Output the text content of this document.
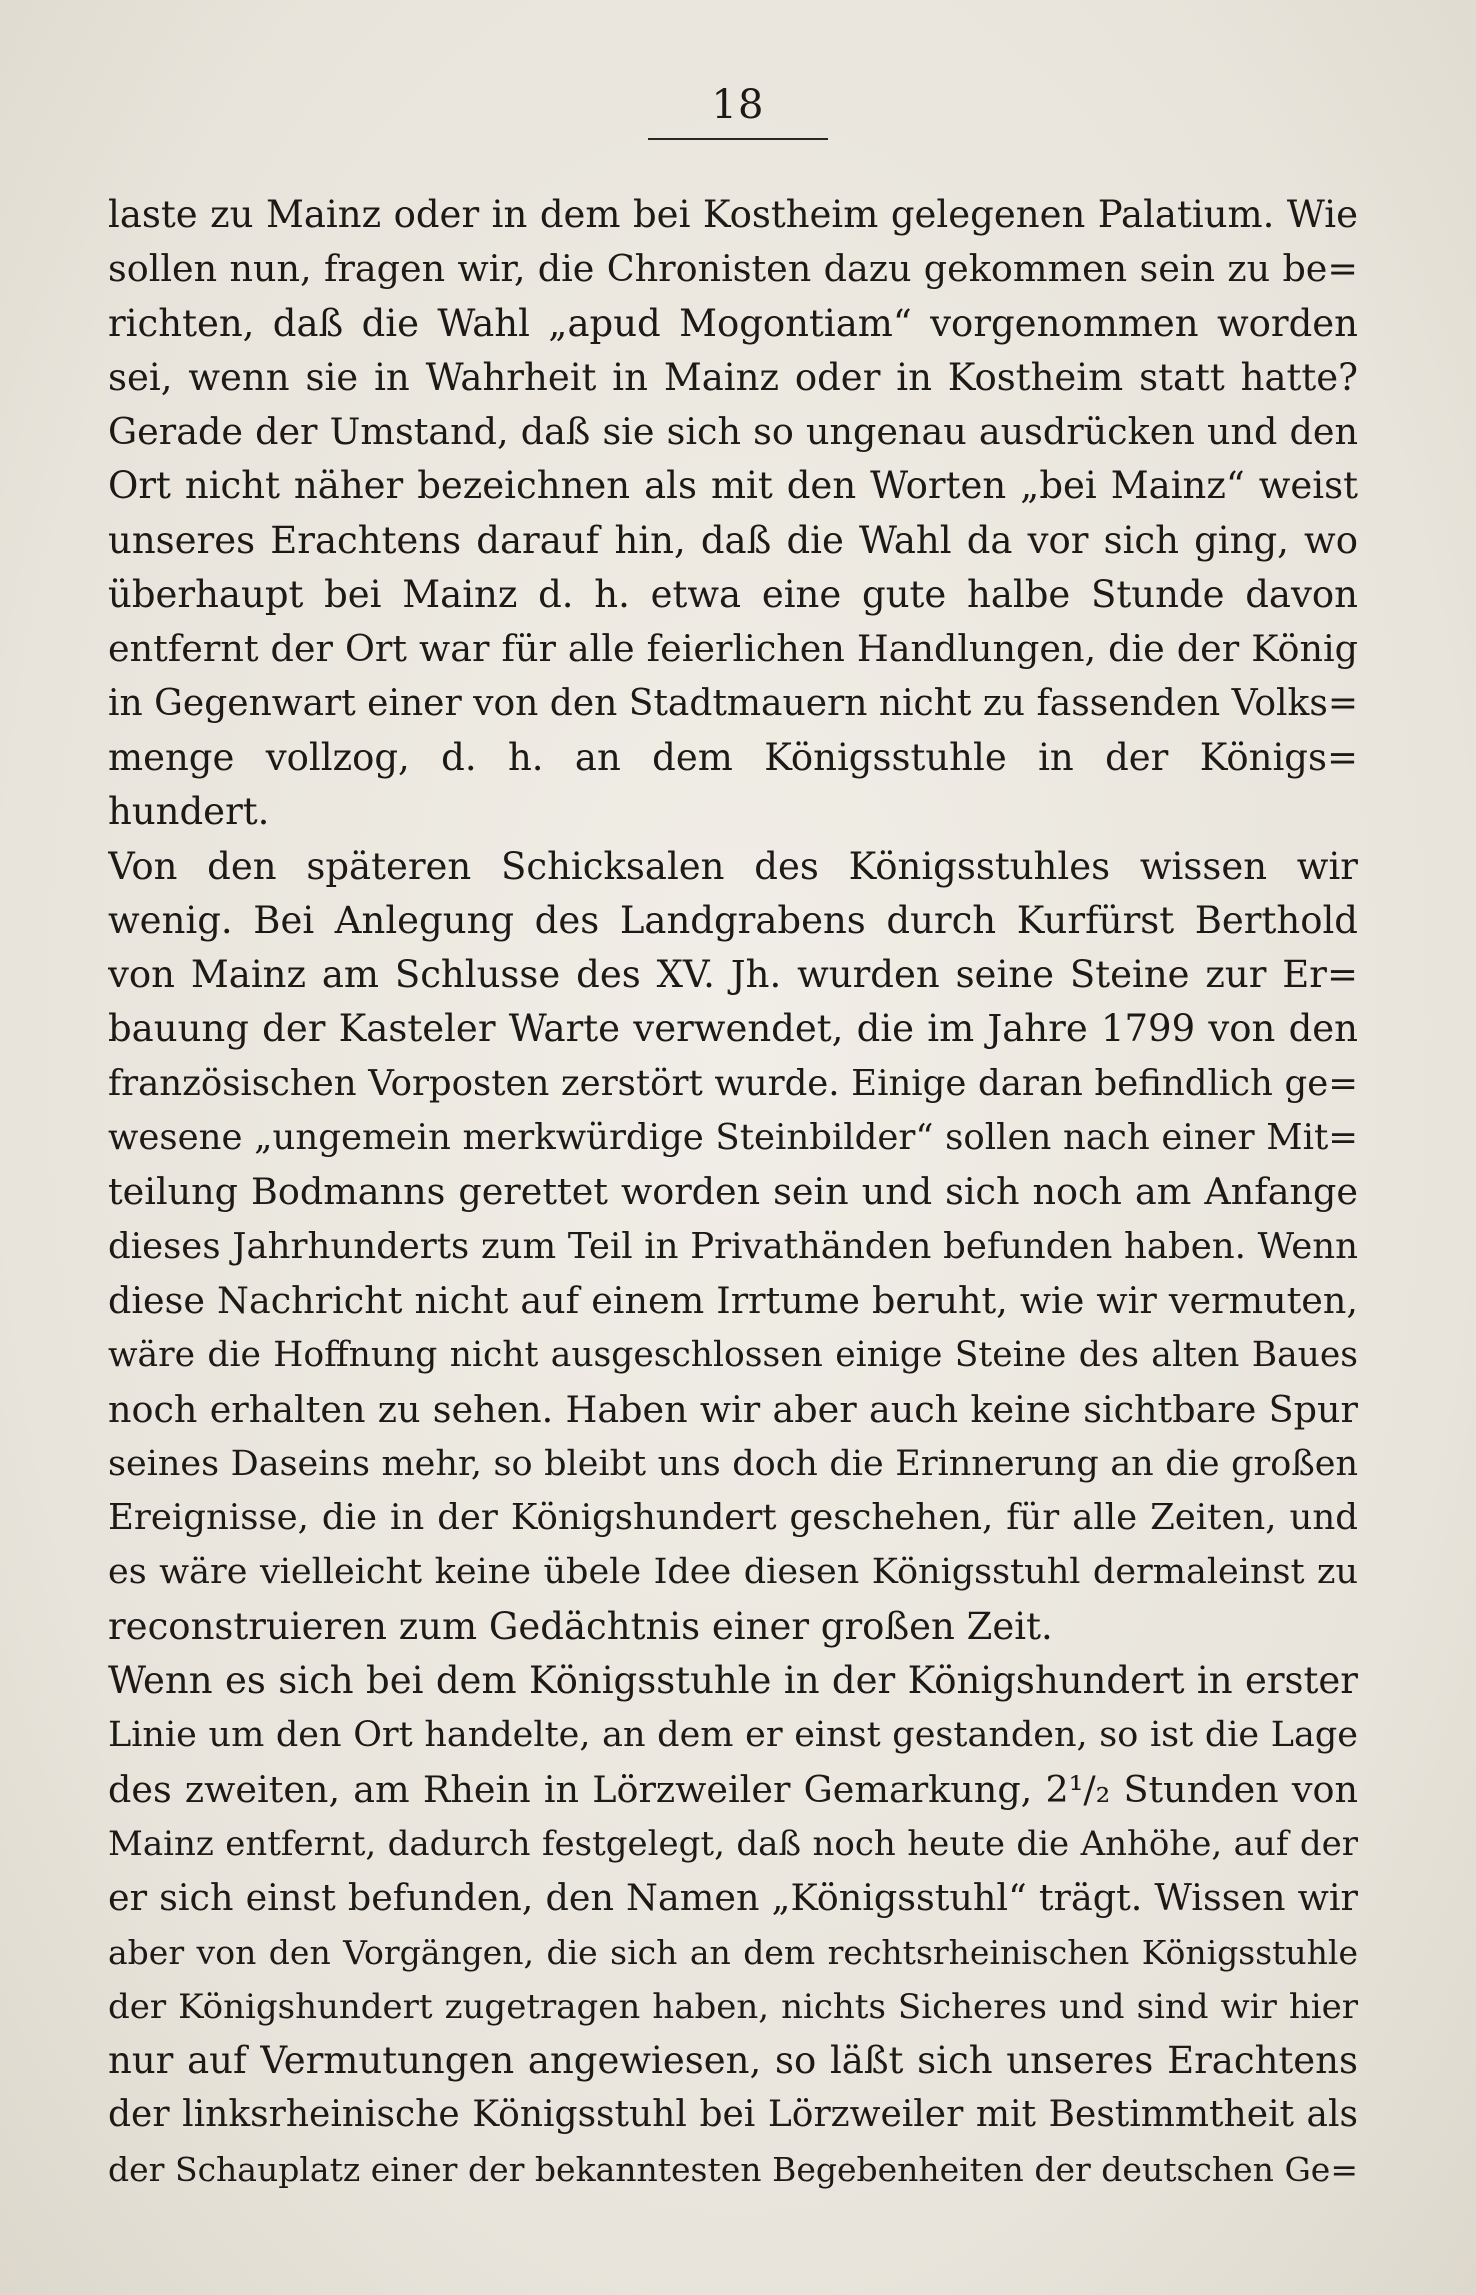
18
laste zu Mainz oder in dem bei Kostheim gelegenen Palatium. Wie
sollen nun, fragen wir, die Chronisten dazu gekommen sein zu be=
richten, daß die Wahl „apud Mogontiam“ vorgenommen worden
sei, wenn sie in Wahrheit in Mainz oder in Kostheim statt hatte?
Gerade der Umstand, daß sie sich so ungenau ausdrücken und den
Ort nicht näher bezeichnen als mit den Worten „bei Mainz“ weist
unseres Erachtens darauf hin, daß die Wahl da vor sich ging, wo
überhaupt bei Mainz d. h. etwa eine gute halbe Stunde davon
entfernt der Ort war für alle feierlichen Handlungen, die der König
in Gegenwart einer von den Stadtmauern nicht zu fassenden Volks=
menge vollzog, d. h. an dem Königsstuhle in der Königs=
hundert.
Von den späteren Schicksalen des Königsstuhles wissen wir
wenig. Bei Anlegung des Landgrabens durch Kurfürst Berthold
von Mainz am Schlusse des XV. Jh. wurden seine Steine zur Er=
bauung der Kasteler Warte verwendet, die im Jahre 1799 von den
französischen Vorposten zerstört wurde. Einige daran befindlich ge=
wesene „ungemein merkwürdige Steinbilder“ sollen nach einer Mit=
teilung Bodmanns gerettet worden sein und sich noch am Anfange
dieses Jahrhunderts zum Teil in Privathänden befunden haben. Wenn
diese Nachricht nicht auf einem Irrtume beruht, wie wir vermuten,
wäre die Hoffnung nicht ausgeschlossen einige Steine des alten Baues
noch erhalten zu sehen. Haben wir aber auch keine sichtbare Spur
seines Daseins mehr, so bleibt uns doch die Erinnerung an die großen
Ereignisse, die in der Königshundert geschehen, für alle Zeiten, und
es wäre vielleicht keine übele Idee diesen Königsstuhl dermaleinst zu
reconstruieren zum Gedächtnis einer großen Zeit.
Wenn es sich bei dem Königsstuhle in der Königshundert in erster
Linie um den Ort handelte, an dem er einst gestanden, so ist die Lage
des zweiten, am Rhein in Lörzweiler Gemarkung, 2¹/₂ Stunden von
Mainz entfernt, dadurch festgelegt, daß noch heute die Anhöhe, auf der
er sich einst befunden, den Namen „Königsstuhl“ trägt. Wissen wir
aber von den Vorgängen, die sich an dem rechtsrheinischen Königsstuhle
der Königshundert zugetragen haben, nichts Sicheres und sind wir hier
nur auf Vermutungen angewiesen, so läßt sich unseres Erachtens
der linksrheinische Königsstuhl bei Lörzweiler mit Bestimmtheit als
der Schauplatz einer der bekanntesten Begebenheiten der deutschen Ge=
